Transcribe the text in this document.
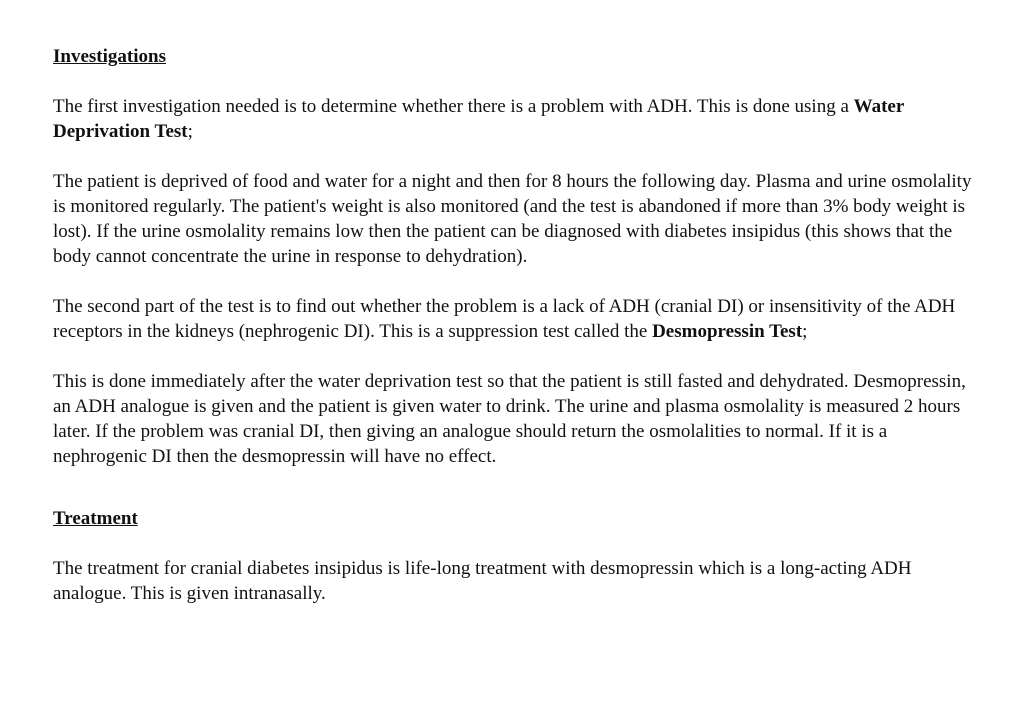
Investigations

The first investigation needed is to determine whether there is a problem with ADH. This is done using a Water Deprivation Test;

The patient is deprived of food and water for a night and then for 8 hours the following day. Plasma and urine osmolality is monitored regularly. The patient's weight is also monitored (and the test is abandoned if more than 3% body weight is lost). If the urine osmolality remains low then the patient can be diagnosed with diabetes insipidus (this shows that the body cannot concentrate the urine in response to dehydration).

The second part of the test is to find out whether the problem is a lack of ADH (cranial DI) or insensitivity of the ADH receptors in the kidneys (nephrogenic DI). This is a suppression test called the Desmopressin Test;

This is done immediately after the water deprivation test so that the patient is still fasted and dehydrated. Desmopressin, an ADH analogue is given and the patient is given water to drink. The urine and plasma osmolality is measured 2 hours later. If the problem was cranial DI, then giving an analogue should return the osmolalities to normal. If it is a nephrogenic DI then the desmopressin will have no effect.

Treatment

The treatment for cranial diabetes insipidus is life-long treatment with desmopressin which is a long-acting ADH analogue. This is given intranasally.
